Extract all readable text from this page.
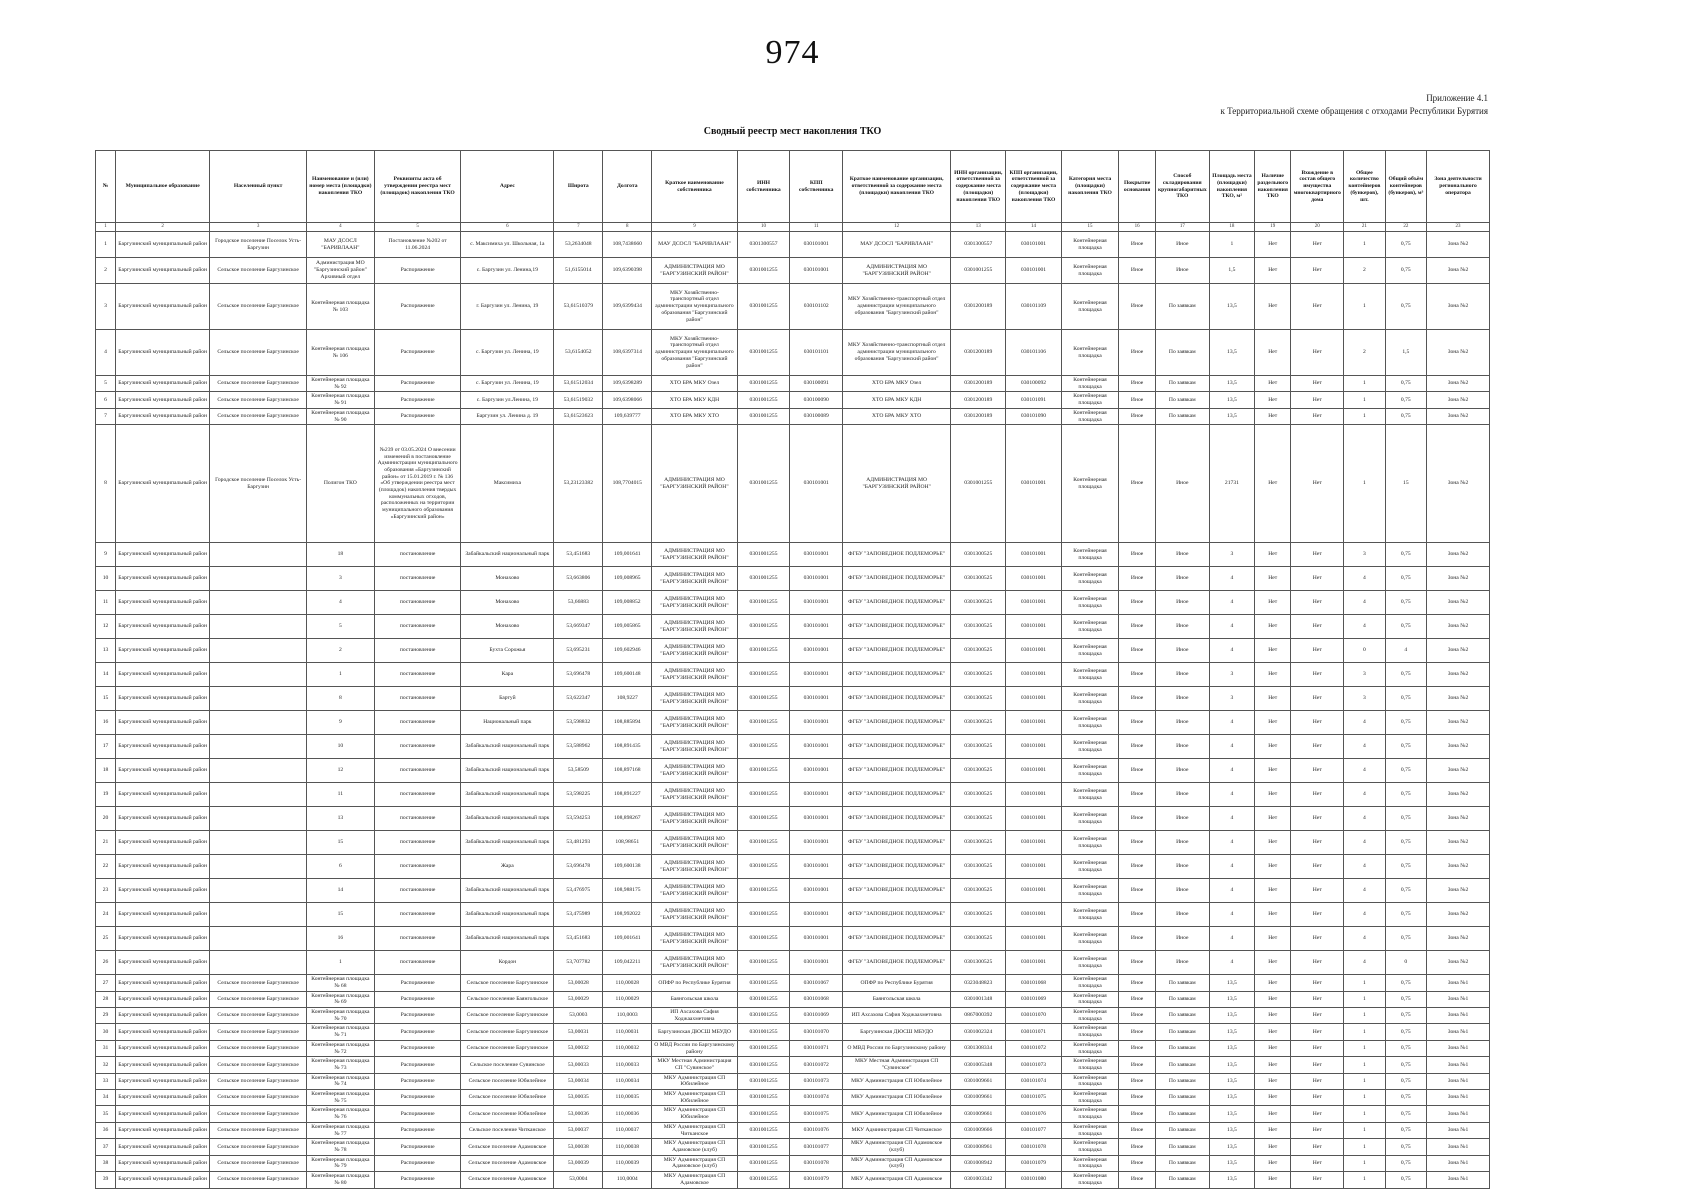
974
Приложение 4.1
к Территориальной схеме обращения с отходами Республики Бурятия
Сводный реестр мест накопления ТКО
№	Муниципальное образование	Населенный пункт	Наименование и (или) номер места (площадки) накопления ТКО	Реквизиты акта об утверждении реестра мест (площадок) накопления ТКО	Адрес	Широта	Долгота	Краткое наименование собственника	ИНН собственника	КПП собственника	Краткое наименование организации, ответственной за содержание места (площадки) накопления ТКО	ИНН организации, ответственной за содержание места (площадки) накопления ТКО	КПП организации, ответственной за содержание места (площадки) накопления ТКО	Категория места (площадки) накопления ТКО	Покрытие основания	Способ складирования крупногабаритных ТКО	Площадь места (площадки) накопления ТКО, м²	Наличие раздельного накопления ТКО	Вхождение в состав общего имущества многоквартирного дома	Общее количество контейнеров (бункеров), шт.	Общий объём контейнеров (бункеров), м³	Зона деятельности регионального оператора
1	2	3	4	5	6	7	8	9	10	11	12	13	14	15	16	17	18	19	20	21	22	23
1	Баргузинский муниципальный район	Городское поселение Поселок Усть-Баргузин	МАУ ДСОСЛ "БАРИВЛААН"	Постановление №202 от 11.06.2024	с. Максимиха ул. Школьная, 1а	53,2634048	108,7438660	МАУ ДСОСЛ "БАРИВЛААН"	0301300557	030101001	МАУ ДСОСЛ "БАРИВЛААН"	0301300557	030101001	Контейнерная площадка	Иное	Иное	1	Нет	Нет	1	0,75	Зона №2
2	Баргузинский муниципальный район	Сельское поселение Баргузинское	Администрация МО "Баргузинский район" Архивный отдел	Распоряжение	с. Баргузин ул. Ленина,19	51,6155014	109,6390398	АДМИНИСТРАЦИЯ МО "БАРГУЗИНСКИЙ РАЙОН"	0301001255	030101001	АДМИНИСТРАЦИЯ МО "БАРГУЗИНСКИЙ РАЙОН"	0301001255	030101001	Контейнерная площадка	Иное	Иное	1,5	Нет	Нет	2	0,75	Зона №2
3	Баргузинский муниципальный район	Сельское поселение Баргузинское	Контейнерная площадка № 103	Распоряжение	г. Баргузин ул. Ленина, 19	53,61510379	109,6399434	МКУ Хозяйственно-транспортный отдел администрации муниципального образования "Баргузинский район"	0301001255	030101102	МКУ Хозяйственно-транспортный отдел администрации муниципального образования "Баргузинский район"	0301200189	030101109	Контейнерная площадка	Иное	По заявкам	13,5	Нет	Нет	1	0,75	Зона №2
4	Баргузинский муниципальный район	Сельское поселение Баргузинское	Контейнерная площадка № 106	Распоряжение	с. Баргузин ул. Ленина, 19	53,6154052	108,6397314	МКУ Хозяйственно-транспортный отдел администрации муниципального образования "Баргузинский район"	0301001255	030101101	МКУ Хозяйственно-транспортный отдел администрации муниципального образования "Баргузинский район"	0301200189	030101106	Контейнерная площадка	Иное	По заявкам	13,5	Нет	Нет	2	1,5	Зона №2
5	Баргузинский муниципальный район	Сельское поселение Баргузинское	Контейнерная площадка № 92	Распоряжение	с. Баргузин ул. Ленина, 19	53,61512034	109,6398289	ХТО БРА МКУ Озел	0301001255	030100091	ХТО БРА МКУ Озел	0301200189	030100092	Контейнерная площадка	Иное	По заявкам	13,5	Нет	Нет	1	0,75	Зона №2
6	Баргузинский муниципальный район	Сельское поселение Баргузинское	Контейнерная площадка № 91	Распоряжение	с. Баргузин ул.Ленина, 19	53,61519032	109,6398066	ХТО БРА МКУ КДН	0301001255	030100090	ХТО БРА МКУ КДН	0301200189	030101091	Контейнерная площадка	Иное	По заявкам	13,5	Нет	Нет	1	0,75	Зона №2
7	Баргузинский муниципальный район	Сельское поселение Баргузинское	Контейнерная площадка № 90	Распоряжение	Баргузин ул. Ленина д. 19	53,61523623	109,639777	ХТО БРА МКУ ХТО	0301001255	030100089	ХТО БРА МКУ ХТО	0301200189	030101090	Контейнерная площадка	Иное	По заявкам	13,5	Нет	Нет	1	0,75	Зона №2
8	Баргузинский муниципальный район	Городское поселение Поселок Усть-Баргузин	Полигон ТКО	№239 от 03.05.2024 О внесении изменений в постановление Администрации муниципального образования «Баргузинский район» от 15.01.2019 г. № 136 «Об утверждении реестра мест (площадок) накопления твердых коммунальных отходов, расположенных на территории муниципального образования «Баргузинский район»	Максимиха	53,23123382	108,7704015	АДМИНИСТРАЦИЯ МО "БАРГУЗИНСКИЙ РАЙОН"	0301001255	030101001	АДМИНИСТРАЦИЯ МО "БАРГУЗИНСКИЙ РАЙОН"	0301001255	030101001	Контейнерная площадка	Иное	Иное	21731	Нет	Нет	1	15	Зона №2
9	Баргузинский муниципальный район		18	постановление	Забайкальский национальный парк	53,451683	109,001641	АДМИНИСТРАЦИЯ МО "БАРГУЗИНСКИЙ РАЙОН"	0301001255	030101001	ФГБУ "ЗАПОВЕДНОЕ ПОДЛЕМОРЬЕ"	0301300525	030101001	Контейнерная площадка	Иное	Иное	3	Нет	Нет	3	0,75	Зона №2
10	Баргузинский муниципальный район		3	постановление	Монахово	53,663806	109,008965	АДМИНИСТРАЦИЯ МО "БАРГУЗИНСКИЙ РАЙОН"	0301001255	030101001	ФГБУ "ЗАПОВЕДНОЕ ПОДЛЕМОРЬЕ"	0301300525	030101001	Контейнерная площадка	Иное	Иное	4	Нет	Нет	4	0,75	Зона №2
11	Баргузинский муниципальный район		4	постановление	Монахово	53,66883	109,008852	АДМИНИСТРАЦИЯ МО "БАРГУЗИНСКИЙ РАЙОН"	0301001255	030101001	ФГБУ "ЗАПОВЕДНОЕ ПОДЛЕМОРЬЕ"	0301300525	030101001	Контейнерная площадка	Иное	Иное	4	Нет	Нет	4	0,75	Зона №2
12	Баргузинский муниципальный район		5	постановление	Монахово	53,669347	109,005865	АДМИНИСТРАЦИЯ МО "БАРГУЗИНСКИЙ РАЙОН"	0301001255	030101001	ФГБУ "ЗАПОВЕДНОЕ ПОДЛЕМОРЬЕ"	0301300525	030101001	Контейнерная площадка	Иное	Иное	4	Нет	Нет	4	0,75	Зона №2
13	Баргузинский муниципальный район		2	постановление	Бухта Сорожья	53,695231	109,602946	АДМИНИСТРАЦИЯ МО "БАРГУЗИНСКИЙ РАЙОН"	0301001255	030101001	ФГБУ "ЗАПОВЕДНОЕ ПОДЛЕМОРЬЕ"	0301300525	030101001	Контейнерная площадка	Иное	Иное	4	Нет	Нет	0	4	Зона №2
14	Баргузинский муниципальный район		1	постановление	Кара	53,696478	109,600148	АДМИНИСТРАЦИЯ МО "БАРГУЗИНСКИЙ РАЙОН"	0301001255	030101001	ФГБУ "ЗАПОВЕДНОЕ ПОДЛЕМОРЬЕ"	0301300525	030101001	Контейнерная площадка	Иное	Иное	3	Нет	Нет	3	0,75	Зона №2
15	Баргузинский муниципальный район		8	постановление	Бартуй	53,622347	108,9227	АДМИНИСТРАЦИЯ МО "БАРГУЗИНСКИЙ РАЙОН"	0301001255	030101001	ФГБУ "ЗАПОВЕДНОЕ ПОДЛЕМОРЬЕ"	0301300525	030101001	Контейнерная площадка	Иное	Иное	3	Нет	Нет	3	0,75	Зона №2
16	Баргузинский муниципальный район		9	постановление	Национальный парк	53,598832	108,885894	АДМИНИСТРАЦИЯ МО "БАРГУЗИНСКИЙ РАЙОН"	0301001255	030101001	ФГБУ "ЗАПОВЕДНОЕ ПОДЛЕМОРЬЕ"	0301300525	030101001	Контейнерная площадка	Иное	Иное	4	Нет	Нет	4	0,75	Зона №2
17	Баргузинский муниципальный район		10	постановление	Забайкальский национальный парк	53,588962	108,891435	АДМИНИСТРАЦИЯ МО "БАРГУЗИНСКИЙ РАЙОН"	0301001255	030101001	ФГБУ "ЗАПОВЕДНОЕ ПОДЛЕМОРЬЕ"	0301300525	030101001	Контейнерная площадка	Иное	Иное	4	Нет	Нет	4	0,75	Зона №2
18	Баргузинский муниципальный район		12	постановление	Забайкальский национальный парк	53,58509	108,897168	АДМИНИСТРАЦИЯ МО "БАРГУЗИНСКИЙ РАЙОН"	0301001255	030101001	ФГБУ "ЗАПОВЕДНОЕ ПОДЛЕМОРЬЕ"	0301300525	030101001	Контейнерная площадка	Иное	Иное	4	Нет	Нет	4	0,75	Зона №2
19	Баргузинский муниципальный район		11	постановление	Забайкальский национальный парк	53,598225	108,891227	АДМИНИСТРАЦИЯ МО "БАРГУЗИНСКИЙ РАЙОН"	0301001255	030101001	ФГБУ "ЗАПОВЕДНОЕ ПОДЛЕМОРЬЕ"	0301300525	030101001	Контейнерная площадка	Иное	Иное	4	Нет	Нет	4	0,75	Зона №2
20	Баргузинский муниципальный район		13	постановление	Забайкальский национальный парк	53,594253	108,898267	АДМИНИСТРАЦИЯ МО "БАРГУЗИНСКИЙ РАЙОН"	0301001255	030101001	ФГБУ "ЗАПОВЕДНОЕ ПОДЛЕМОРЬЕ"	0301300525	030101001	Контейнерная площадка	Иное	Иное	4	Нет	Нет	4	0,75	Зона №2
21	Баргузинский муниципальный район		15	постановление	Забайкальский национальный парк	53,481293	108,98651	АДМИНИСТРАЦИЯ МО "БАРГУЗИНСКИЙ РАЙОН"	0301001255	030101001	ФГБУ "ЗАПОВЕДНОЕ ПОДЛЕМОРЬЕ"	0301300525	030101001	Контейнерная площадка	Иное	Иное	4	Нет	Нет	4	0,75	Зона №2
22	Баргузинский муниципальный район		6	постановление	Жара	53,696478	109,600138	АДМИНИСТРАЦИЯ МО "БАРГУЗИНСКИЙ РАЙОН"	0301001255	030101001	ФГБУ "ЗАПОВЕДНОЕ ПОДЛЕМОРЬЕ"	0301300525	030101001	Контейнерная площадка	Иное	Иное	4	Нет	Нет	4	0,75	Зона №2
23	Баргузинский муниципальный район		14	постановление	Забайкальский национальный парк	53,476975	108,988175	АДМИНИСТРАЦИЯ МО "БАРГУЗИНСКИЙ РАЙОН"	0301001255	030101001	ФГБУ "ЗАПОВЕДНОЕ ПОДЛЕМОРЬЕ"	0301300525	030101001	Контейнерная площадка	Иное	Иное	4	Нет	Нет	4	0,75	Зона №2
24	Баргузинский муниципальный район		15	постановление	Забайкальский национальный парк	53,475989	108,992022	АДМИНИСТРАЦИЯ МО "БАРГУЗИНСКИЙ РАЙОН"	0301001255	030101001	ФГБУ "ЗАПОВЕДНОЕ ПОДЛЕМОРЬЕ"	0301300525	030101001	Контейнерная площадка	Иное	Иное	4	Нет	Нет	4	0,75	Зона №2
25	Баргузинский муниципальный район		16	постановление	Забайкальский национальный парк	53,451683	109,001641	АДМИНИСТРАЦИЯ МО "БАРГУЗИНСКИЙ РАЙОН"	0301001255	030101001	ФГБУ "ЗАПОВЕДНОЕ ПОДЛЕМОРЬЕ"	0301300525	030101001	Контейнерная площадка	Иное	Иное	4	Нет	Нет	4	0,75	Зона №2
26	Баргузинский муниципальный район		1	постановление	Кордон	53,707782	109,042211	АДМИНИСТРАЦИЯ МО "БАРГУЗИНСКИЙ РАЙОН"	0301001255	030101001	ФГБУ "ЗАПОВЕДНОЕ ПОДЛЕМОРЬЕ"	0301300525	030101001	Контейнерная площадка	Иное	Иное	4	Нет	Нет	4	0	Зона №2
27	Баргузинский муниципальный район	Сельское поселение Баргузинское	Контейнерная площадка № 68	Распоряжение	Сельское поселение Баргузинское	53,00028	110,00028	ОПФР по Республике Бурятия	0301001255	030101067	ОПФР по Республике Бурятия	0323048823	030101068	Контейнерная площадка	Иное	По заявкам	13,5	Нет	Нет	1	0,75	Зона №1
28	Баргузинский муниципальный район	Сельское поселение Баргузинское	Контейнерная площадка № 69	Распоряжение	Сельское поселение Баянгольское	53,00029	110,00029	Баянгольская школа	0301001255	030101068	Баянгольская школа	0301001348	030101069	Контейнерная площадка	Иное	По заявкам	13,5	Нет	Нет	1	0,75	Зона №1
29	Баргузинский муниципальный район	Сельское поселение Баргузинское	Контейнерная площадка № 70	Распоряжение	Сельское поселение Баргузинское	53,0003	110,0003	ИП Ахсахова Сафия Ходжаахметовна	0301001255	030101069	ИП Ахсахова Сафия Ходжаахметовна	0867000392	030101070	Контейнерная площадка	Иное	По заявкам	13,5	Нет	Нет	1	0,75	Зона №1
30	Баргузинский муниципальный район	Сельское поселение Баргузинское	Контейнерная площадка № 71	Распоряжение	Сельское поселение Баргузинское	53,00031	110,00031	Баргузинская ДЮСШ МБУДО	0301001255	030101070	Баргузинская ДЮСШ МБУДО	0301002324	030101071	Контейнерная площадка	Иное	По заявкам	13,5	Нет	Нет	1	0,75	Зона №1
31	Баргузинский муниципальный район	Сельское поселение Баргузинское	Контейнерная площадка № 72	Распоряжение	Сельское поселение Баргузинское	53,00032	110,00032	О МВД России по Баргузинскому району	0301001255	030101071	О МВД России по Баргузинскому району	0301308334	030101072	Контейнерная площадка	Иное	По заявкам	13,5	Нет	Нет	1	0,75	Зона №1
32	Баргузинский муниципальный район	Сельское поселение Баргузинское	Контейнерная площадка № 73	Распоряжение	Сельское поселение Сувинское	53,00033	110,00033	МКУ Местная Администрация СП "Сувинское"	0301001255	030101072	МКУ Местная Администрация СП "Сувинское"	0301005348	030101073	Контейнерная площадка	Иное	По заявкам	13,5	Нет	Нет	1	0,75	Зона №1
33	Баргузинский муниципальный район	Сельское поселение Баргузинское	Контейнерная площадка № 74	Распоряжение	Сельское поселение Юбилейное	53,00034	110,00034	МКУ Администрация СП Юбилейное	0301001255	030101073	МКУ Администрация СП Юбилейное	0301009661	030101074	Контейнерная площадка	Иное	По заявкам	13,5	Нет	Нет	1	0,75	Зона №1
34	Баргузинский муниципальный район	Сельское поселение Баргузинское	Контейнерная площадка № 75	Распоряжение	Сельское поселение Юбилейное	53,00035	110,00035	МКУ Администрация СП Юбилейное	0301001255	030101074	МКУ Администрация СП Юбилейное	0301009661	030101075	Контейнерная площадка	Иное	По заявкам	13,5	Нет	Нет	1	0,75	Зона №1
35	Баргузинский муниципальный район	Сельское поселение Баргузинское	Контейнерная площадка № 76	Распоряжение	Сельское поселение Юбилейное	53,00036	110,00036	МКУ Администрация СП Юбилейное	0301001255	030101075	МКУ Администрация СП Юбилейное	0301009661	030101076	Контейнерная площадка	Иное	По заявкам	13,5	Нет	Нет	1	0,75	Зона №1
36	Баргузинский муниципальный район	Сельское поселение Баргузинское	Контейнерная площадка № 77	Распоряжение	Сельское поселение Читканское	53,00037	110,00037	МКУ Администрация СП Читканское	0301001255	030101076	МКУ Администрация СП Читканское	0301009666	030101077	Контейнерная площадка	Иное	По заявкам	13,5	Нет	Нет	1	0,75	Зона №1
37	Баргузинский муниципальный район	Сельское поселение Баргузинское	Контейнерная площадка № 78	Распоряжение	Сельское поселение Адамовское	53,00038	110,00038	МКУ Администрация СП Адамовское (клуб)	0301001255	030101077	МКУ Администрация СП Адамовское (клуб)	0301008961	030101078	Контейнерная площадка	Иное	По заявкам	13,5	Нет	Нет	1	0,75	Зона №1
38	Баргузинский муниципальный район	Сельское поселение Баргузинское	Контейнерная площадка № 79	Распоряжение	Сельское поселение Адамовское	53,00039	110,00039	МКУ Администрация СП Адамовское (клуб)	0301001255	030101078	МКУ Администрация СП Адамовское (клуб)	0301008942	030101079	Контейнерная площадка	Иное	По заявкам	13,5	Нет	Нет	1	0,75	Зона №1
39	Баргузинский муниципальный район	Сельское поселение Баргузинское	Контейнерная площадка № 80	Распоряжение	Сельское поселение Адамовское	53,0004	110,0004	МКУ Администрация СП Адамовское	0301001255	030101079	МКУ Администрация СП Адамовское	0301003342	030101080	Контейнерная площадка	Иное	По заявкам	13,5	Нет	Нет	1	0,75	Зона №1
